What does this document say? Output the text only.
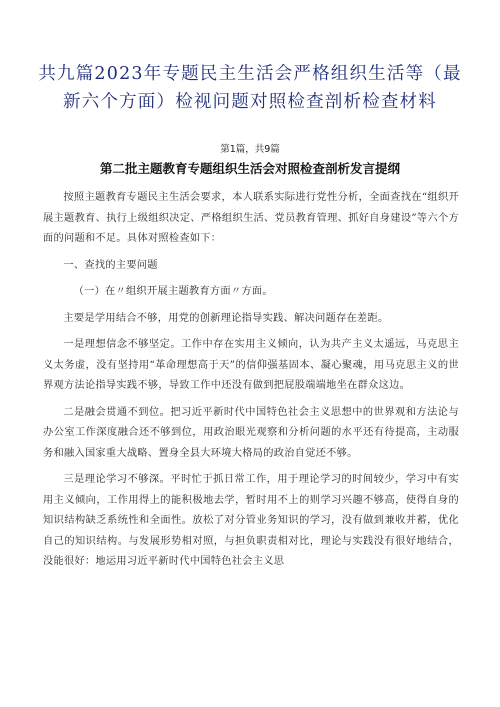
共九篇2023年专题民主生活会严格组织生活等（最新六个方面）检视问题对照检查剖析检查材料
第1篇，共9篇
第二批主题教育专题组织生活会对照检查剖析发言提纲

按照主题教育专题民主生活会要求，本人联系实际进行党性分析，全面查找在“组织开展主题教育、执行上级组织决定、严格组织生活、党员教育管理、抓好自身建设”等六个方面的问题和不足。具体对照检查如下：

一、查找的主要问题

（一）在〃组织开展主题教育方面〃方面。

主要是学用结合不够，用党的创新理论指导实践、解决问题存在差距。

一是理想信念不够坚定。工作中存在实用主义倾向，认为共产主义太遥远，马克思主义太务虚，没有坚持用“革命理想高于天”的信仰强基固本、凝心聚魂，用马克思主义的世界观方法论指导实践不够，导致工作中还没有做到把屁股端端地坐在群众这边。

二是融会贯通不到位。把习近平新时代中国特色社会主义思想中的世界观和方法论与办公室工作深度融合还不够到位，用政治眼光观察和分析问题的水平还有待提高，主动服务和融入国家重大战略、置身全县大环境大格局的政治自觉还不够。

三是理论学习不够深。平时忙于抓日常工作，用于理论学习的时间较少，学习中有实用主义倾向，工作用得上的能积极地去学，暂时用不上的则学习兴趣不够高，使得自身的知识结构缺乏系统性和全面性。放松了对分管业务知识的学习，没有做到兼收并蓄，优化自己的知识结构。与发展形势相对照，与担负职责相对比，理论与实践没有很好地结合，没能很好：地运用习近平新时代中国特色社会主义思
